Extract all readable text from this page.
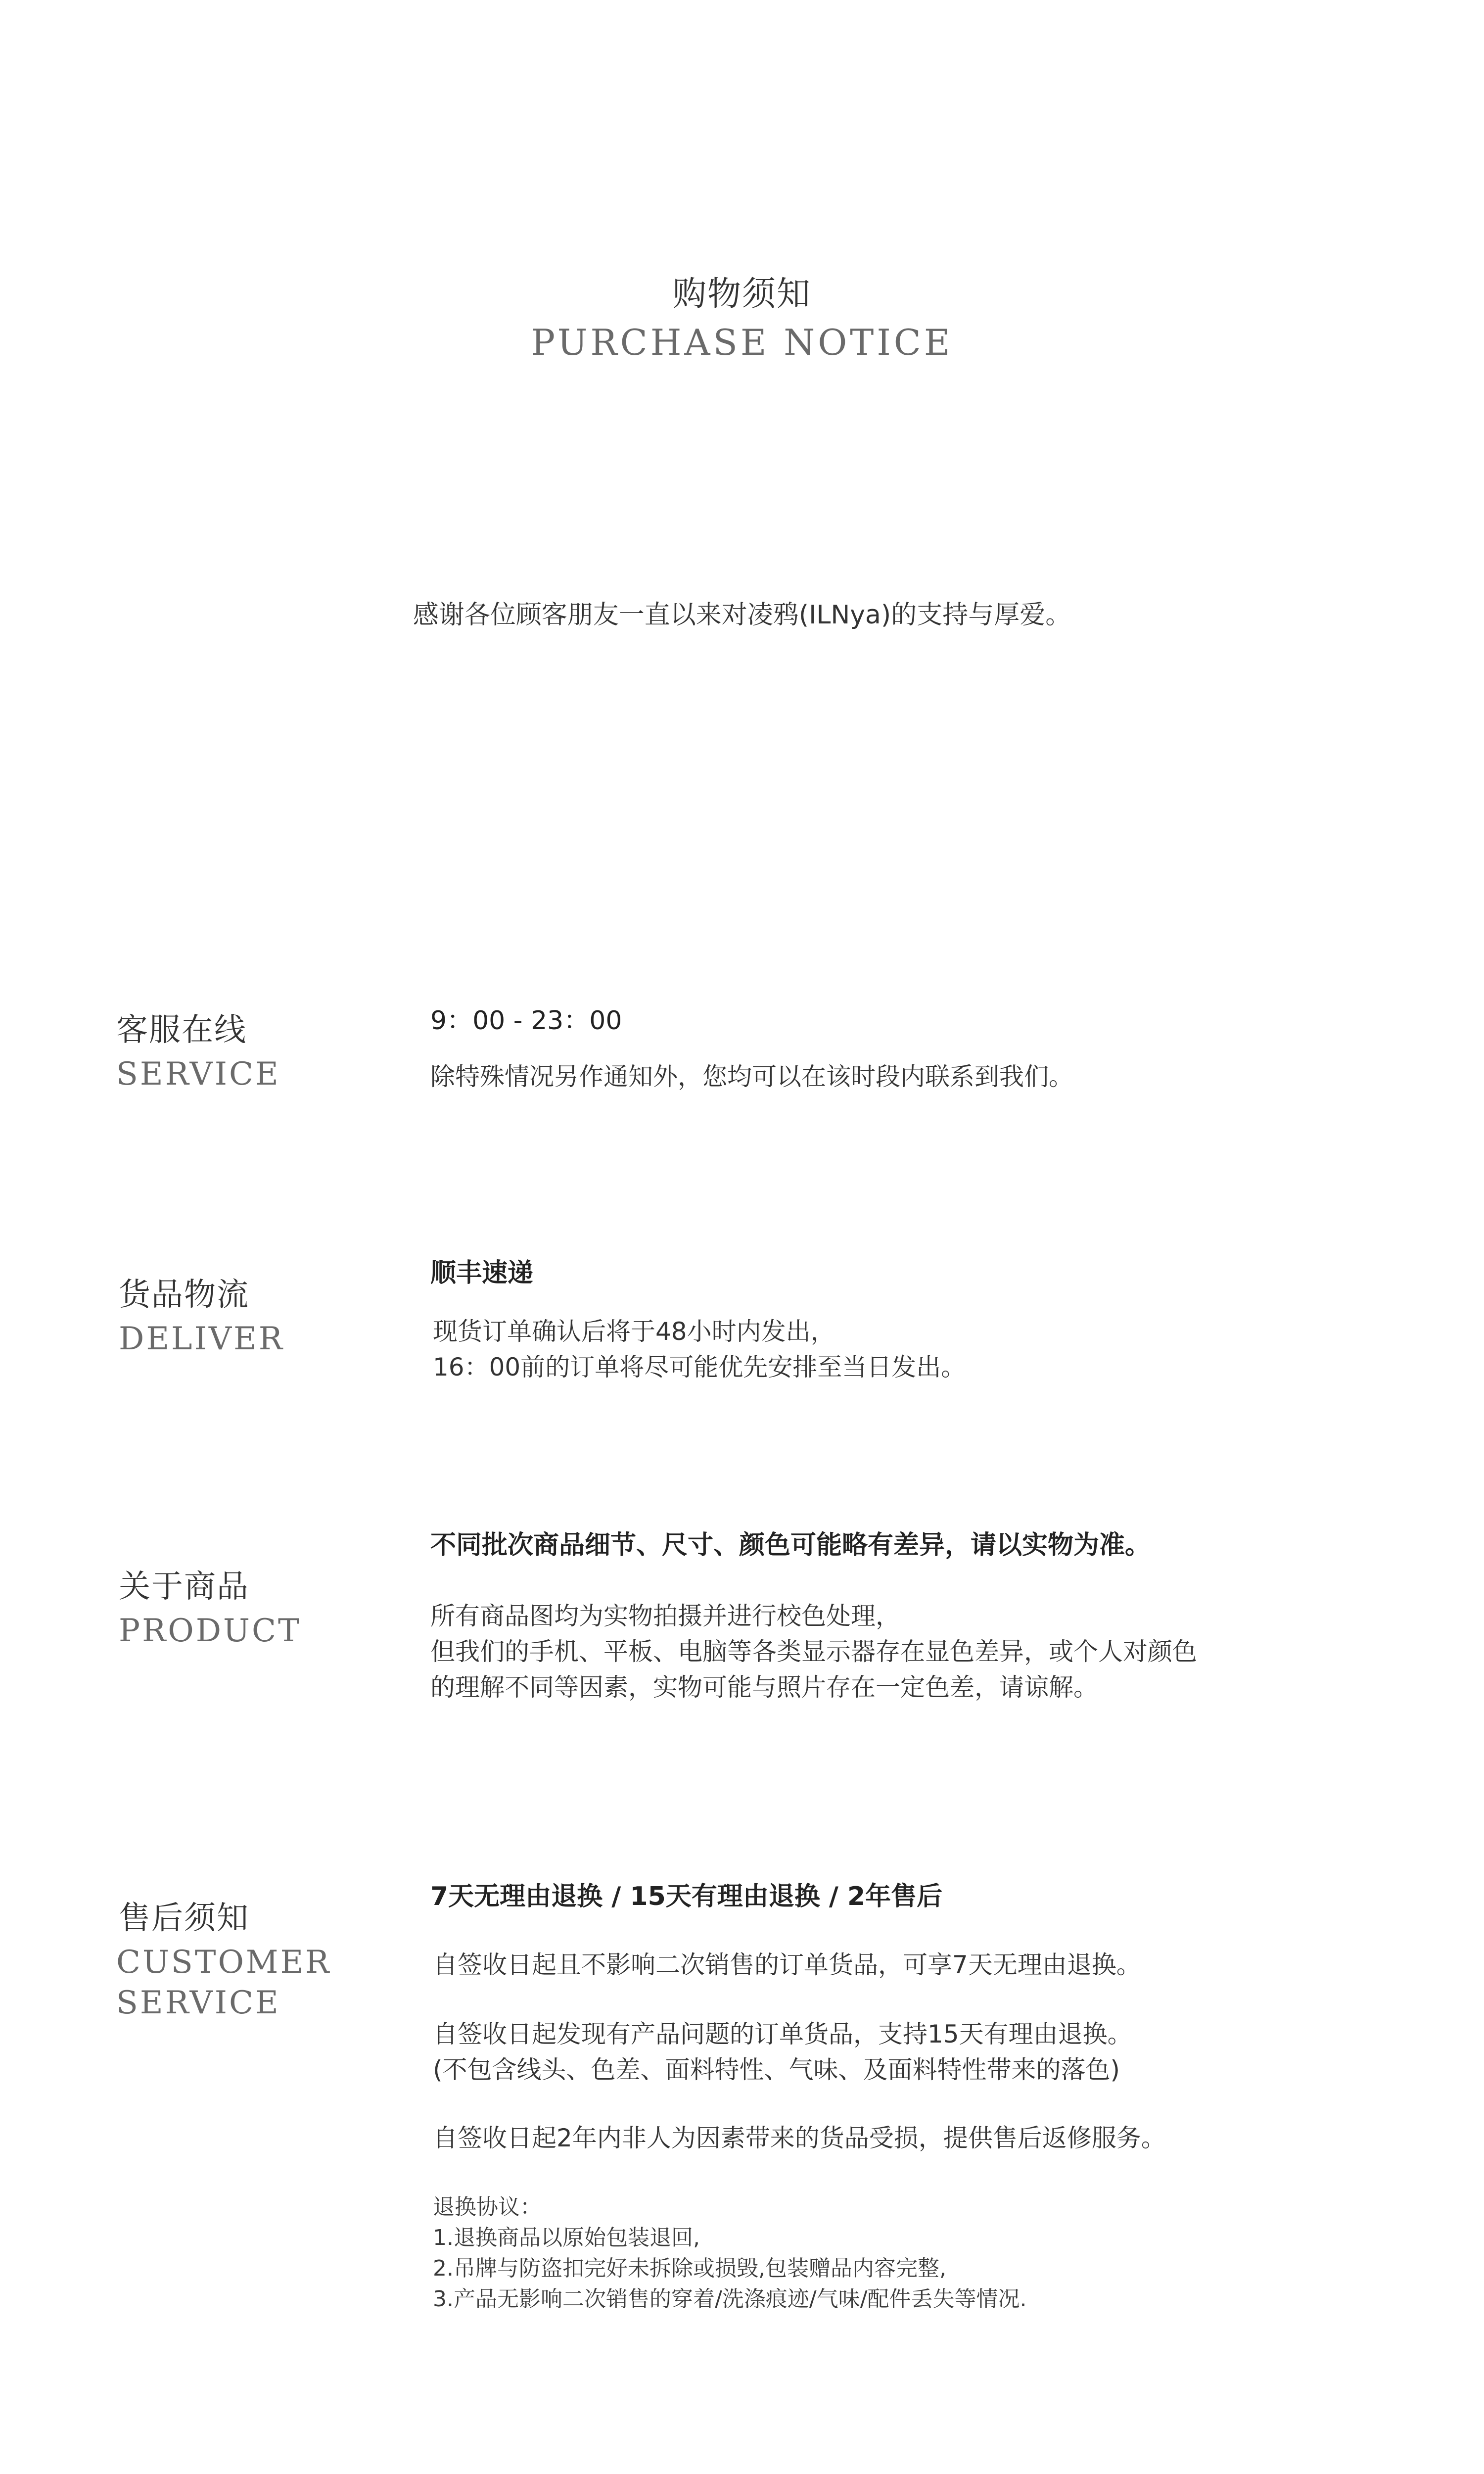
购物须知
PURCHASE NOTICE
感谢各位顾客朋友一直以来对凌鸦(ILNya)的支持与厚爱。
客服在线
SERVICE
9：00 - 23：00
除特殊情况另作通知外，您均可以在该时段内联系到我们。
货品物流
DELIVER
顺丰速递
现货订单确认后将于48小时内发出，
16：00前的订单将尽可能优先安排至当日发出。
关于商品
PRODUCT
不同批次商品细节、尺寸、颜色可能略有差异，请以实物为准。
所有商品图均为实物拍摄并进行校色处理，
但我们的手机、平板、电脑等各类显示器存在显色差异，或个人对颜色
的理解不同等因素，实物可能与照片存在一定色差，请谅解。
售后须知
CUSTOMER
SERVICE
7天无理由退换 / 15天有理由退换 / 2年售后
自签收日起且不影响二次销售的订单货品，可享7天无理由退换。
自签收日起发现有产品问题的订单货品，支持15天有理由退换。
(不包含线头、色差、面料特性、气味、及面料特性带来的落色)
自签收日起2年内非人为因素带来的货品受损，提供售后返修服务。
退换协议：
1.退换商品以原始包装退回,
2.吊牌与防盗扣完好未拆除或损毁,包装赠品内容完整,
3.产品无影响二次销售的穿着/洗涤痕迹/气味/配件丢失等情况.
